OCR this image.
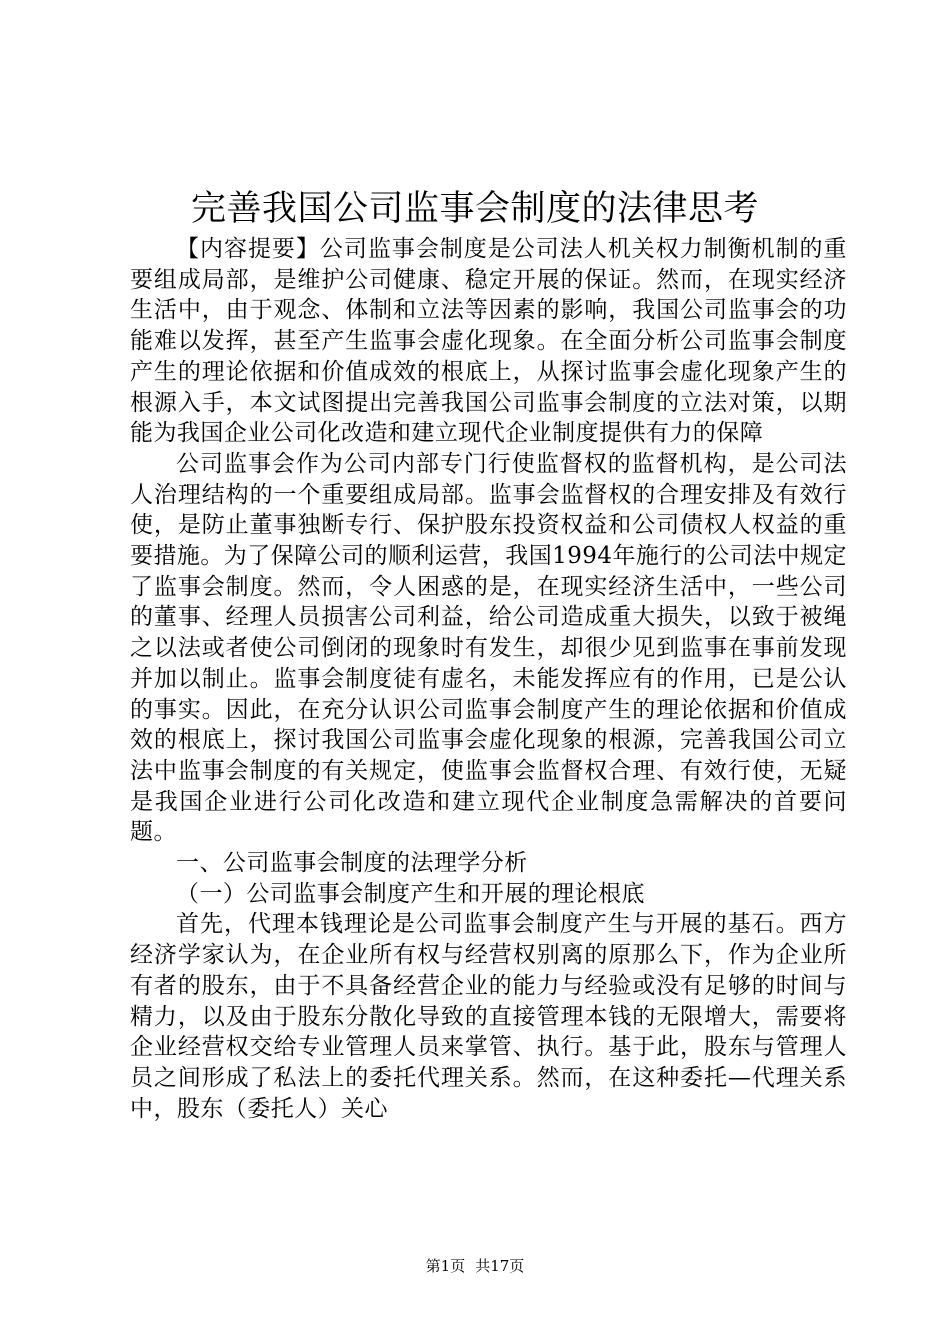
完善我国公司监事会制度的法律思考

【内容提要】公司监事会制度是公司法人机关权力制衡机制的重要组成局部，是维护公司健康、稳定开展的保证。然而，在现实经济生活中，由于观念、体制和立法等因素的影响，我国公司监事会的功能难以发挥，甚至产生监事会虚化现象。在全面分析公司监事会制度产生的理论依据和价值成效的根底上，从探讨监事会虚化现象产生的根源入手，本文试图提出完善我国公司监事会制度的立法对策，以期能为我国企业公司化改造和建立现代企业制度提供有力的保障

公司监事会作为公司内部专门行使监督权的监督机构，是公司法人治理结构的一个重要组成局部。监事会监督权的合理安排及有效行使，是防止董事独断专行、保护股东投资权益和公司债权人权益的重要措施。为了保障公司的顺利运营，我国1994年施行的公司法中规定了监事会制度。然而，令人困惑的是，在现实经济生活中，一些公司的董事、经理人员损害公司利益，给公司造成重大损失，以致于被绳之以法或者使公司倒闭的现象时有发生，却很少见到监事在事前发现并加以制止。监事会制度徒有虚名，未能发挥应有的作用，已是公认的事实。因此，在充分认识公司监事会制度产生的理论依据和价值成效的根底上，探讨我国公司监事会虚化现象的根源，完善我国公司立法中监事会制度的有关规定，使监事会监督权合理、有效行使，无疑是我国企业进行公司化改造和建立现代企业制度急需解决的首要问题。

一、公司监事会制度的法理学分析

（一）公司监事会制度产生和开展的理论根底

首先，代理本钱理论是公司监事会制度产生与开展的基石。西方经济学家认为，在企业所有权与经营权别离的原那么下，作为企业所有者的股东，由于不具备经营企业的能力与经验或没有足够的时间与精力，以及由于股东分散化导致的直接管理本钱的无限增大，需要将企业经营权交给专业管理人员来掌管、执行。基于此，股东与管理人员之间形成了私法上的委托代理关系。然而，在这种委托—代理关系中，股东（委托人）关心

第1页 共17页
